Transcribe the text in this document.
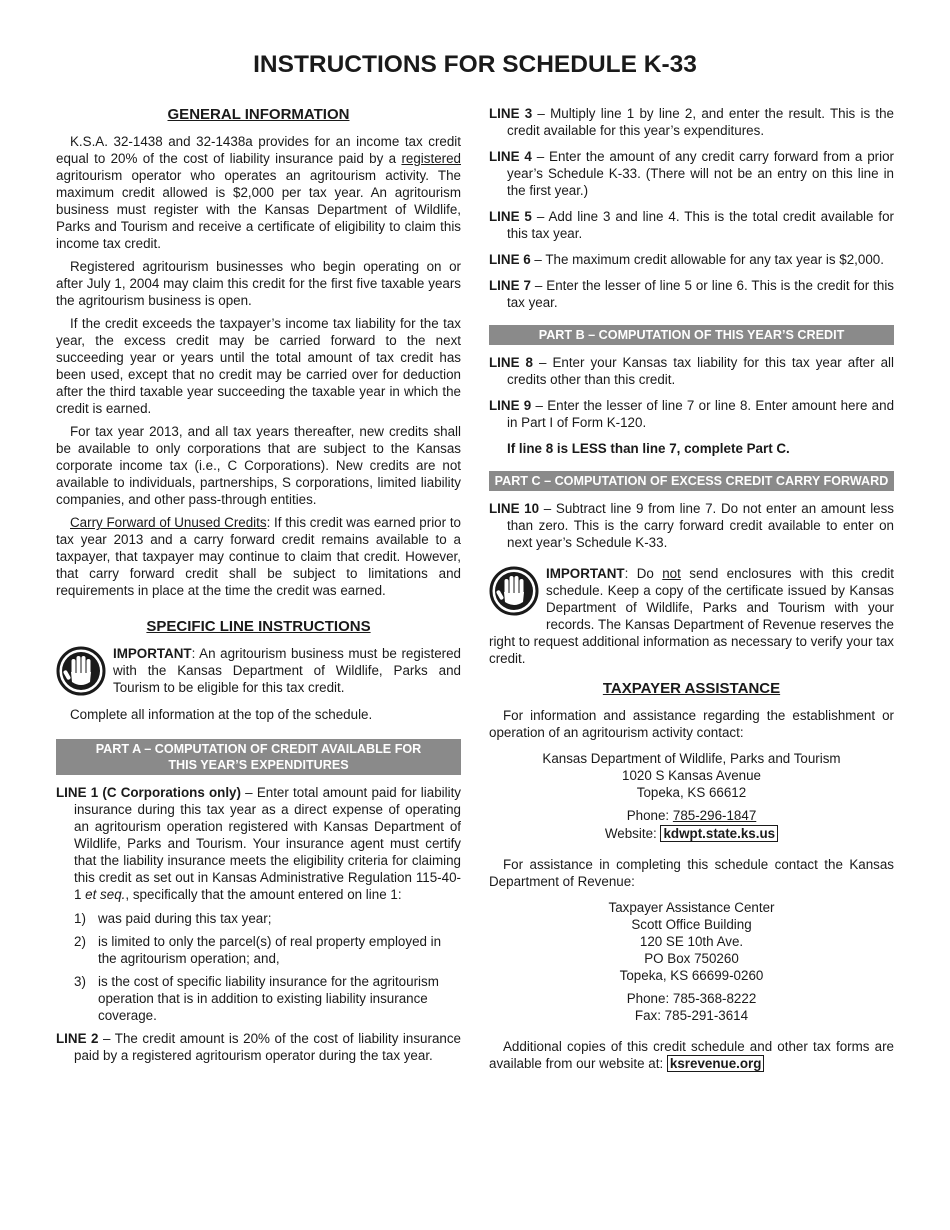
INSTRUCTIONS FOR SCHEDULE K-33
GENERAL INFORMATION

K.S.A. 32-1438 and 32-1438a provides for an income tax credit equal to 20% of the cost of liability insurance paid by a registered agritourism operator who operates an agritourism activity. The maximum credit allowed is $2,000 per tax year. An agritourism business must register with the Kansas Department of Wildlife, Parks and Tourism and receive a certificate of eligibility to claim this income tax credit.

Registered agritourism businesses who begin operating on or after July 1, 2004 may claim this credit for the first five taxable years the agritourism business is open.

If the credit exceeds the taxpayer’s income tax liability for the tax year, the excess credit may be carried forward to the next succeeding year or years until the total amount of tax credit has been used, except that no credit may be carried over for deduction after the third taxable year succeeding the taxable year in which the credit is earned.

For tax year 2013, and all tax years thereafter, new credits shall be available to only corporations that are subject to the Kansas corporate income tax (i.e., C Corporations). New credits are not available to individuals, partnerships, S corporations, limited liability companies, and other pass-through entities.

Carry Forward of Unused Credits: If this credit was earned prior to tax year 2013 and a carry forward credit remains available to a taxpayer, that taxpayer may continue to claim that credit. However, that carry forward credit shall be subject to limitations and requirements in place at the time the credit was earned.

SPECIFIC LINE INSTRUCTIONS
IMPORTANT: An agritourism business must be registered with the Kansas Department of Wildlife, Parks and Tourism to be eligible for this tax credit.

Complete all information at the top of the schedule.

PART A – COMPUTATION OF CREDIT AVAILABLE FOR
THIS YEAR’S EXPENDITURES

LINE 1 (C Corporations only) – Enter total amount paid for liability insurance during this tax year as a direct expense of operating an agritourism operation registered with Kansas Department of Wildlife, Parks and Tourism. Your insurance agent must certify that the liability insurance meets the eligibility criteria for claiming this credit as set out in Kansas Administrative Regulation 115-40-1 et seq., specifically that the amount entered on line 1:

1) was paid during this tax year;
2) is limited to only the parcel(s) of real property employed in the agritourism operation; and,
3) is the cost of specific liability insurance for the agritourism operation that is in addition to existing liability insurance coverage.

LINE 2 – The credit amount is 20% of the cost of liability insurance paid by a registered agritourism operator during the tax year.

LINE 3 – Multiply line 1 by line 2, and enter the result. This is the credit available for this year’s expenditures.

LINE 4 – Enter the amount of any credit carry forward from a prior year’s Schedule K-33. (There will not be an entry on this line in the first year.)

LINE 5 – Add line 3 and line 4. This is the total credit available for this tax year.

LINE 6 – The maximum credit allowable for any tax year is $2,000.

LINE 7 – Enter the lesser of line 5 or line 6. This is the credit for this tax year.

PART B – COMPUTATION OF THIS YEAR’S CREDIT

LINE 8 – Enter your Kansas tax liability for this tax year after all credits other than this credit.

LINE 9 – Enter the lesser of line 7 or line 8. Enter amount here and in Part I of Form K-120.

If line 8 is LESS than line 7, complete Part C.

PART C – COMPUTATION OF EXCESS CREDIT CARRY FORWARD

LINE 10 – Subtract line 9 from line 7. Do not enter an amount less than zero. This is the carry forward credit available to enter on next year’s Schedule K-33.

IMPORTANT: Do not send enclosures with this credit schedule. Keep a copy of the certificate issued by Kansas Department of Wildlife, Parks and Tourism with your records. The Kansas Department of Revenue reserves the right to request additional information as necessary to verify your tax credit.
TAXPAYER ASSISTANCE

For information and assistance regarding the establishment or operation of an agritourism activity contact:

Kansas Department of Wildlife, Parks and Tourism
1020 S Kansas Avenue
Topeka, KS 66612
Phone: 785-296-1847
Website: kdwpt.state.ks.us

For assistance in completing this schedule contact the Kansas Department of Revenue:

Taxpayer Assistance Center
Scott Office Building
120 SE 10th Ave.
PO Box 750260
Topeka, KS 66699-0260
Phone: 785-368-8222
Fax: 785-291-3614

Additional copies of this credit schedule and other tax forms are available from our website at: ksrevenue.org
